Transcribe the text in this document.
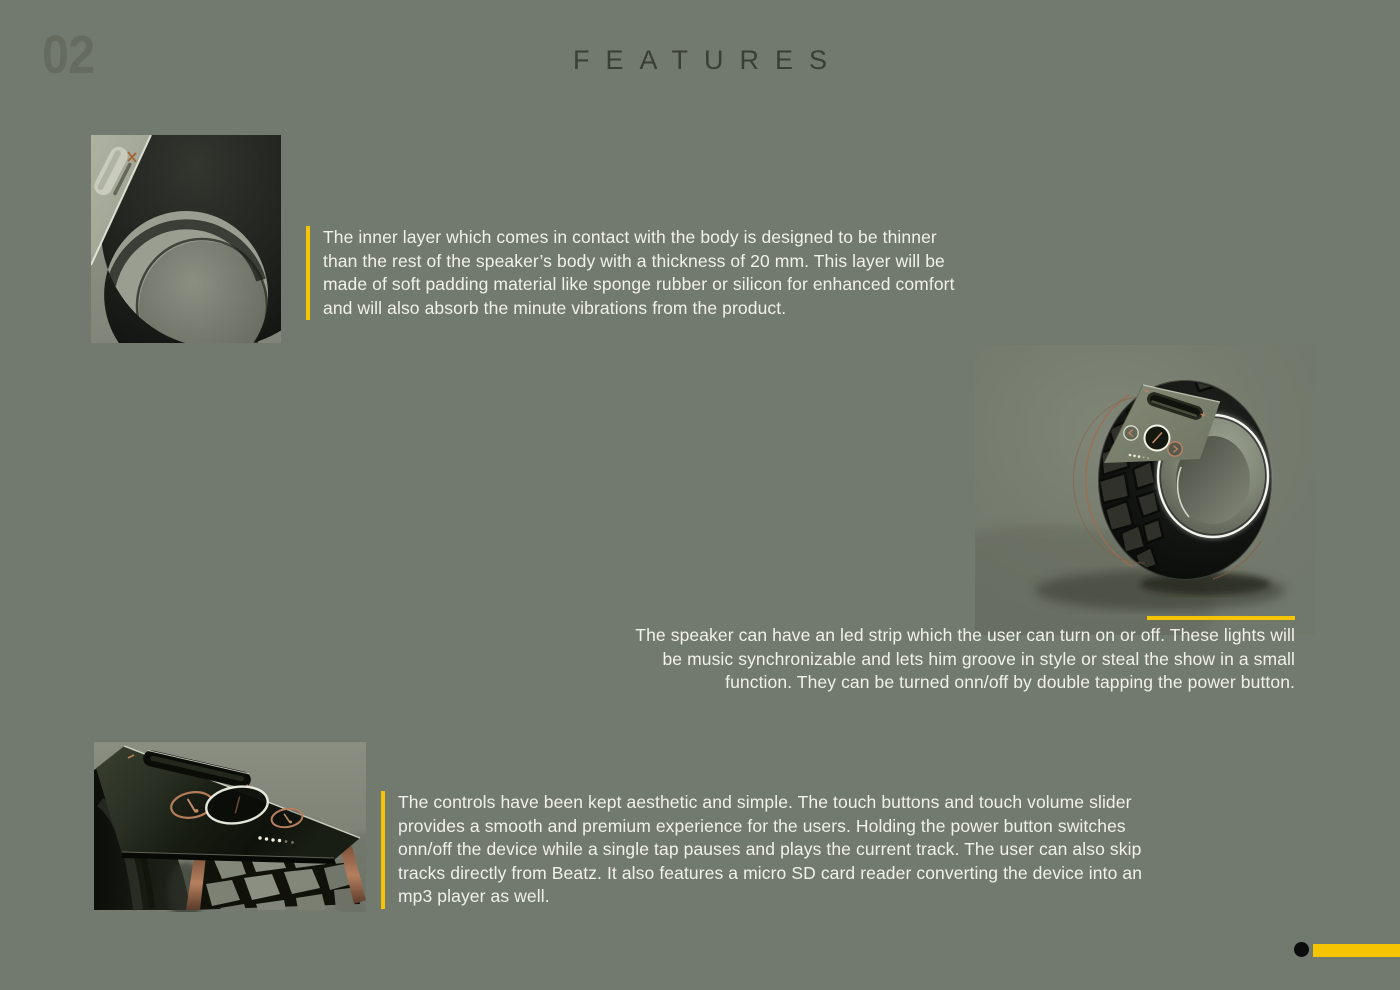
02	FEATURES

The inner layer which comes in contact with the body is designed to be thinner than the rest of the speaker’s body with a thickness of 20 mm. This layer will be made of soft padding material like sponge rubber or silicon for enhanced comfort and will also absorb the minute vibrations from the product.

The speaker can have an led strip which the user can turn on or off. These lights will be music synchronizable and lets him groove in style or steal the show in a small function. They can be turned onn/off by double tapping the power button.

The controls have been kept aesthetic and simple. The touch buttons and touch volume slider provides a smooth and premium experience for the users. Holding the power button switches onn/off the device while a single tap pauses and plays the current track. The user can also skip tracks directly from Beatz. It also features a micro SD card reader converting the device into an mp3 player as well.
